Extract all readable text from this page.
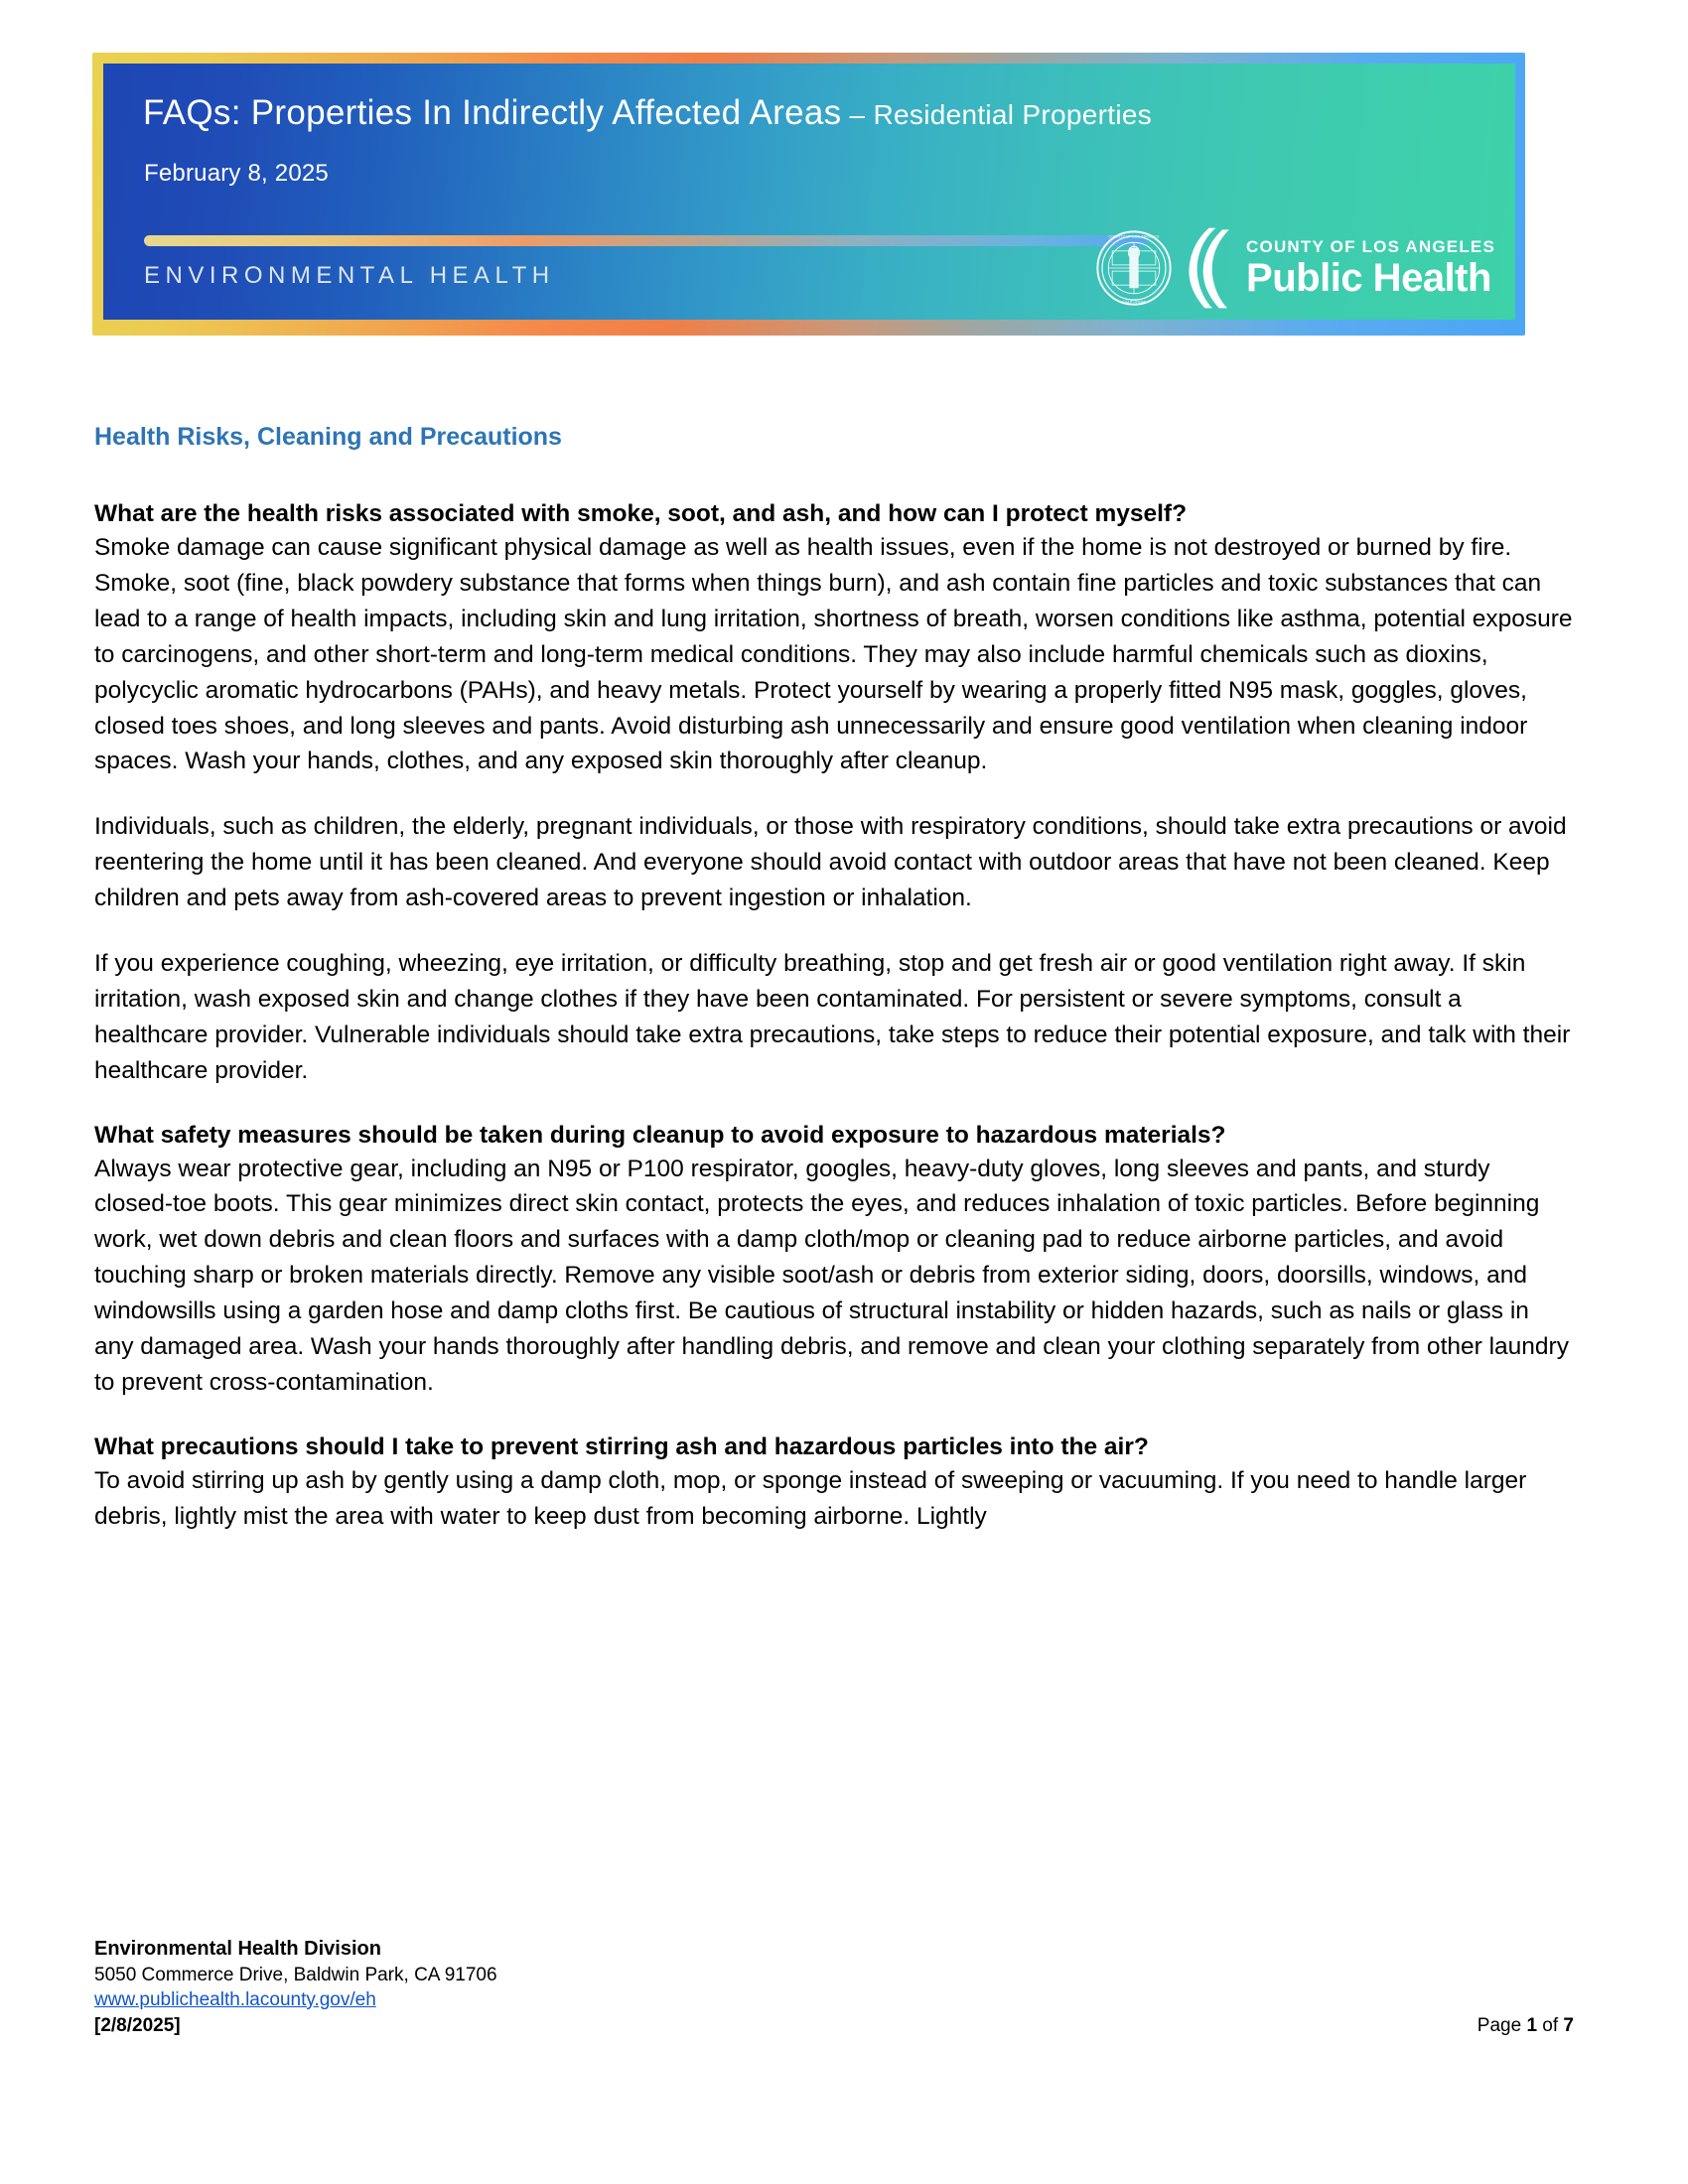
FAQs: Properties In Indirectly Affected Areas – Residential Properties
February 8, 2025
ENVIRONMENTAL HEALTH
COUNTY OF LOS ANGELES
CALIFORNIA
COUNTY OF LOS ANGELES
Public Health
Health Risks, Cleaning and Precautions

What are the health risks associated with smoke, soot, and ash, and how can I protect myself?

Smoke damage can cause significant physical damage as well as health issues, even if the home is not destroyed or burned by fire. Smoke, soot (fine, black powdery substance that forms when things burn), and ash contain fine particles and toxic substances that can lead to a range of health impacts, including skin and lung irritation, shortness of breath, worsen conditions like asthma, potential exposure to carcinogens, and other short-term and long-term medical conditions. They may also include harmful chemicals such as dioxins, polycyclic aromatic hydrocarbons (PAHs), and heavy metals. Protect yourself by wearing a properly fitted N95 mask, goggles, gloves, closed toes shoes, and long sleeves and pants. Avoid disturbing ash unnecessarily and ensure good ventilation when cleaning indoor spaces. Wash your hands, clothes, and any exposed skin thoroughly after cleanup.

Individuals, such as children, the elderly, pregnant individuals, or those with respiratory conditions, should take extra precautions or avoid reentering the home until it has been cleaned. And everyone should avoid contact with outdoor areas that have not been cleaned. Keep children and pets away from ash-covered areas to prevent ingestion or inhalation.

If you experience coughing, wheezing, eye irritation, or difficulty breathing, stop and get fresh air or good ventilation right away. If skin irritation, wash exposed skin and change clothes if they have been contaminated. For persistent or severe symptoms, consult a healthcare provider. Vulnerable individuals should take extra precautions, take steps to reduce their potential exposure, and talk with their healthcare provider.

What safety measures should be taken during cleanup to avoid exposure to hazardous materials?

Always wear protective gear, including an N95 or P100 respirator, googles, heavy-duty gloves, long sleeves and pants, and sturdy closed-toe boots. This gear minimizes direct skin contact, protects the eyes, and reduces inhalation of toxic particles. Before beginning work, wet down debris and clean floors and surfaces with a damp cloth/mop or cleaning pad to reduce airborne particles, and avoid touching sharp or broken materials directly. Remove any visible soot/ash or debris from exterior siding, doors, doorsills, windows, and windowsills using a garden hose and damp cloths first. Be cautious of structural instability or hidden hazards, such as nails or glass in any damaged area. Wash your hands thoroughly after handling debris, and remove and clean your clothing separately from other laundry to prevent cross-contamination.

What precautions should I take to prevent stirring ash and hazardous particles into the air?

To avoid stirring up ash by gently using a damp cloth, mop, or sponge instead of sweeping or vacuuming. If you need to handle larger debris, lightly mist the area with water to keep dust from becoming airborne. Lightly

Environmental Health Division
5050 Commerce Drive, Baldwin Park, CA 91706
www.publichealth.lacounty.gov/eh
[2/8/2025]	Page 1 of 7
